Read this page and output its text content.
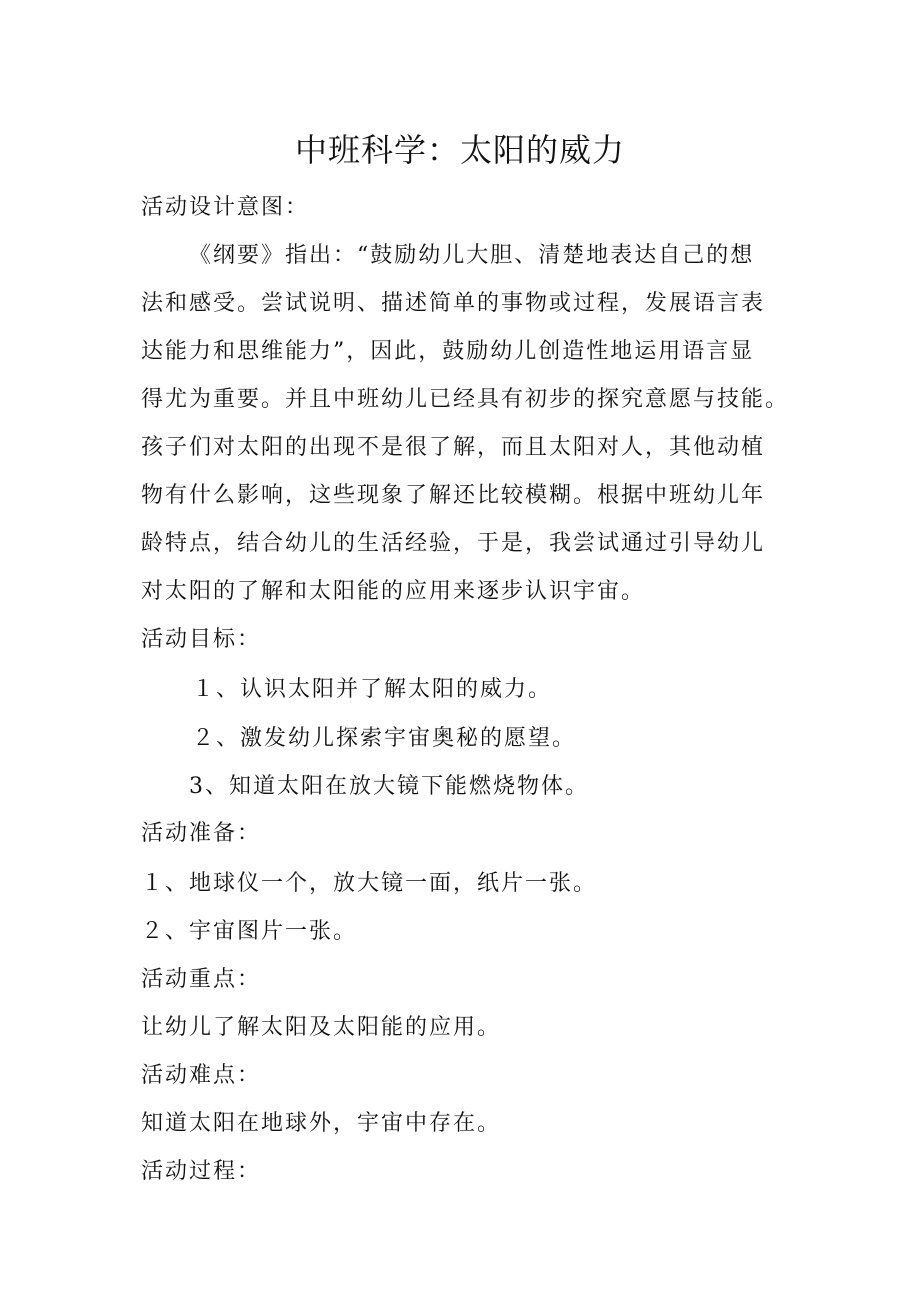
中班科学：太阳的威力
活动设计意图：
《纲要》指出：“鼓励幼儿大胆、清楚地表达自己的想
法和感受。尝试说明、描述简单的事物或过程，发展语言表
达能力和思维能力”，因此，鼓励幼儿创造性地运用语言显
得尤为重要。并且中班幼儿已经具有初步的探究意愿与技能。
孩子们对太阳的出现不是很了解，而且太阳对人，其他动植
物有什么影响，这些现象了解还比较模糊。根据中班幼儿年
龄特点，结合幼儿的生活经验，于是，我尝试通过引导幼儿
对太阳的了解和太阳能的应用来逐步认识宇宙。
活动目标：
１、认识太阳并了解太阳的威力。
２、激发幼儿探索宇宙奥秘的愿望。
3、知道太阳在放大镜下能燃烧物体。
活动准备：
１、地球仪一个，放大镜一面，纸片一张。
２、宇宙图片一张。
活动重点：
让幼儿了解太阳及太阳能的应用。
活动难点：
知道太阳在地球外，宇宙中存在。
活动过程：
